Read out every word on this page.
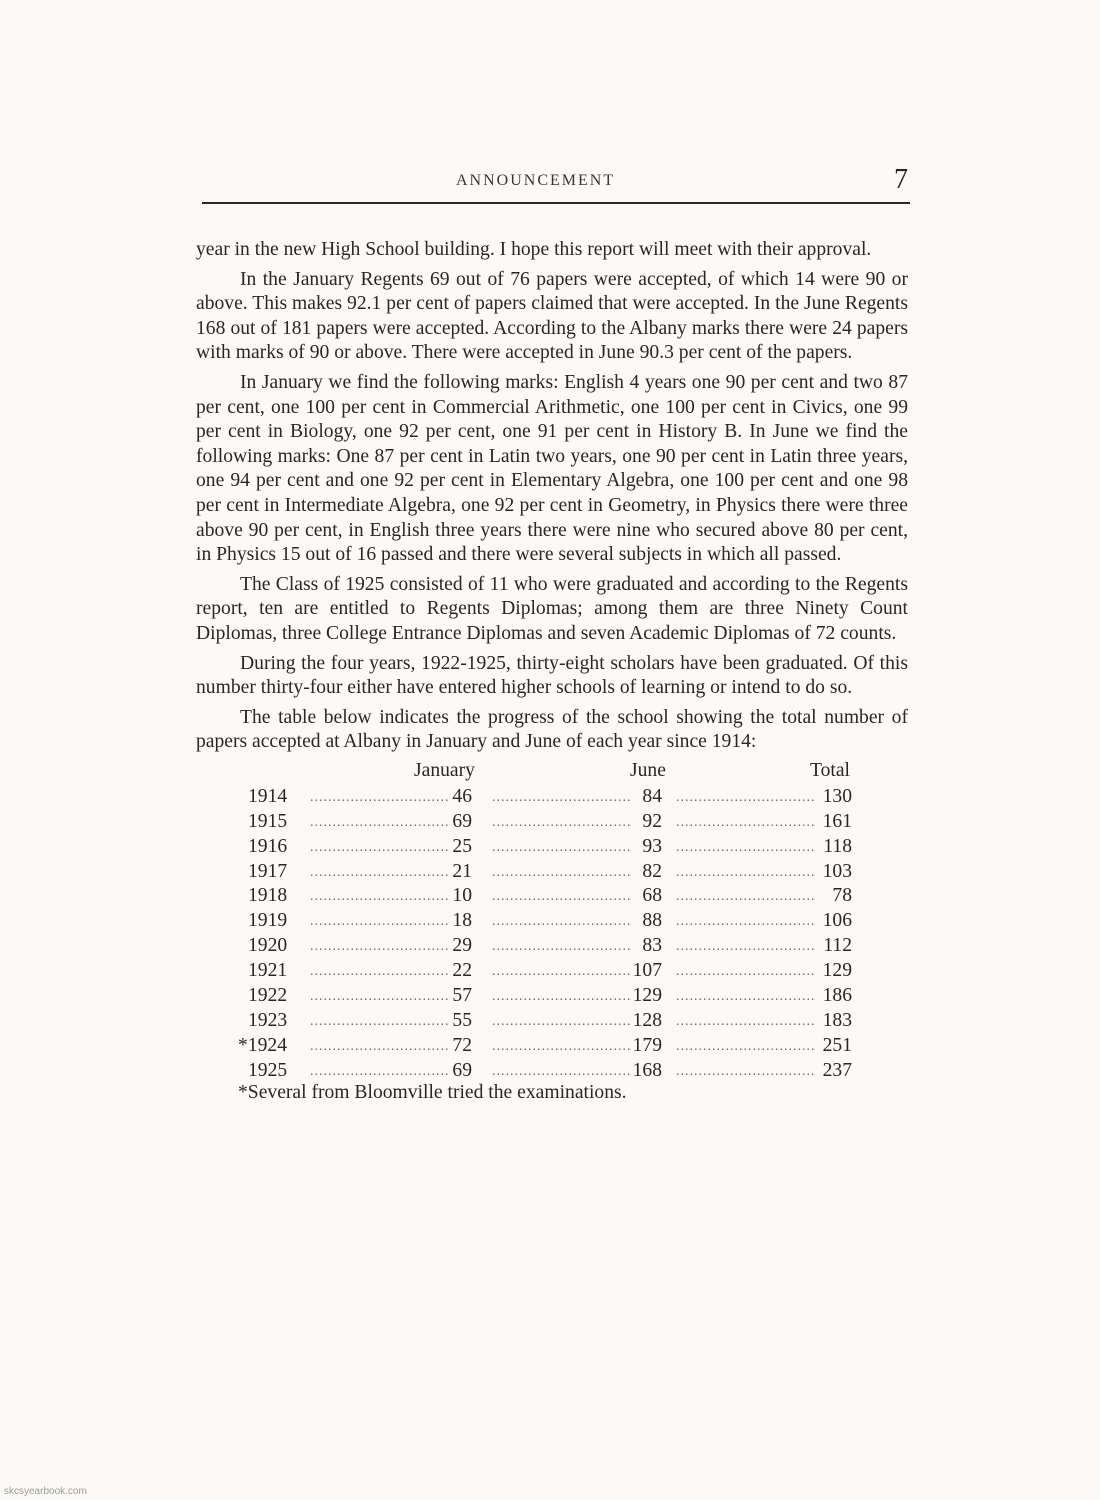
ANNOUNCEMENT	7

year in the new High School building. I hope this report will meet with their approval.

In the January Regents 69 out of 76 papers were accepted, of which 14 were 90 or above. This makes 92.1 per cent of papers claimed that were accepted. In the June Regents 168 out of 181 papers were accepted. According to the Albany marks there were 24 papers with marks of 90 or above. There were accepted in June 90.3 per cent of the papers.

In January we find the following marks: English 4 years one 90 per cent and two 87 per cent, one 100 per cent in Commercial Arithmetic, one 100 per cent in Civics, one 99 per cent in Biology, one 92 per cent, one 91 per cent in History B. In June we find the following marks: One 87 per cent in Latin two years, one 90 per cent in Latin three years, one 94 per cent and one 92 per cent in Elementary Algebra, one 100 per cent and one 98 per cent in Intermediate Algebra, one 92 per cent in Geometry, in Physics there were three above 90 per cent, in English three years there were nine who secured above 80 per cent, in Physics 15 out of 16 passed and there were several subjects in which all passed.

The Class of 1925 consisted of 11 who were graduated and according to the Regents report, ten are entitled to Regents Diplomas; among them are three Ninety Count Diplomas, three College Entrance Diplomas and seven Academic Diplomas of 72 counts.

During the four years, 1922-1925, thirty-eight scholars have been graduated. Of this number thirty-four either have entered higher schools of learning or intend to do so.

The table below indicates the progress of the school showing the total number of papers accepted at Albany in January and June of each year since 1914:

January	June	Total
1914 ............................... 46 ............................... 84 ............................... 130
1915 ............................... 69 ............................... 92 ............................... 161
1916 ............................... 25 ............................... 93 ............................... 118
1917 ............................... 21 ............................... 82 ............................... 103
1918 ............................... 10 ............................... 68 ............................... 78
1919 ............................... 18 ............................... 88 ............................... 106
1920 ............................... 29 ............................... 83 ............................... 112
1921 ............................... 22 ............................... 107 ............................... 129
1922 ............................... 57 ............................... 129 ............................... 186
1923 ............................... 55 ............................... 128 ............................... 183
*1924 ............................... 72 ............................... 179 ............................... 251
1925 ............................... 69 ............................... 168 ............................... 237
*Several from Bloomville tried the examinations.
skcsyearbook.com
